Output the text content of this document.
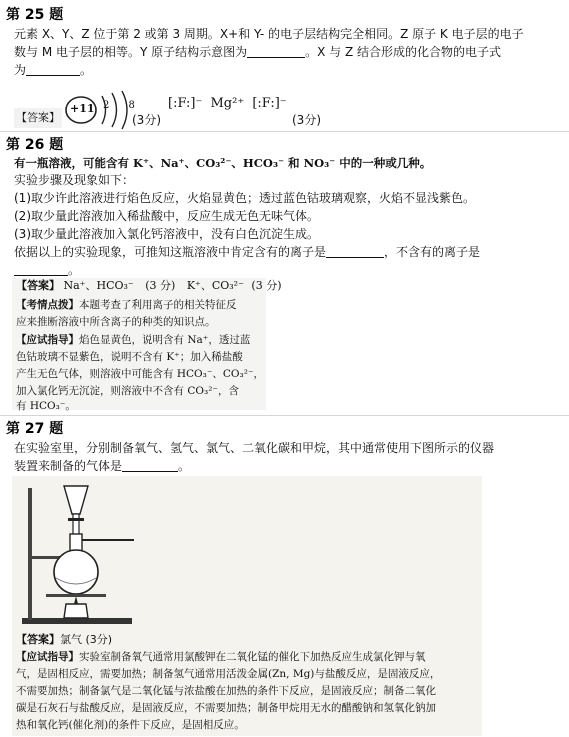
第 25 题
元素 X、Y、Z 位于第 2 或第 3 周期。X+和 Y- 的电子层结构完全相同。Z 原子 K 电子层的电子
数与 M 电子层的相等。Y 原子结构示意图为	。X 与 Z 结合形成的化合物的电子式
为	。
【答案】
+11 2 8
(3分)
[:F:]⁻ Mg²⁺ [:F:]⁻
(3分)
第 26 题
有一瓶溶液，可能含有 K⁺、Na⁺、CO₃²⁻、HCO₃⁻ 和 NO₃⁻ 中的一种或几种。
实验步骤及现象如下：
(1)取少许此溶液进行焰色反应，火焰显黄色；透过蓝色钴玻璃观察，火焰不显浅紫色。
(2)取少量此溶液加入稀盐酸中，反应生成无色无味气体。
(3)取少量此溶液加入氯化钙溶液中，没有白色沉淀生成。
依据以上的实验现象，可推知这瓶溶液中肯定含有的离子是	，不含有的离子是
。
【答案】 Na⁺、HCO₃⁻ (3 分) K⁺、CO₃²⁻ (3 分)
【考情点拨】本题考查了利用离子的相关特征反
应来推断溶液中所含离子的种类的知识点。
【应试指导】焰色显黄色，说明含有 Na⁺，透过蓝
色钴玻璃不显紫色，说明不含有 K⁺；加入稀盐酸
产生无色气体，则溶液中可能含有 HCO₃⁻、CO₃²⁻，
加入氯化钙无沉淀，则溶液中不含有 CO₃²⁻，含
有 HCO₃⁻。
第 27 题
在实验室里，分别制备氧气、氢气、氯气、二氧化碳和甲烷，其中通常使用下图所示的仪器
装置来制备的气体是	。
【答案】氯气 (3分)
【应试指导】实验室制备氧气通常用氯酸钾在二氧化锰的催化下加热反应生成氯化钾与氧
气，是固相反应，需要加热；制备氢气通常用活泼金属(Zn, Mg)与盐酸反应，是固液反应，
不需要加热；制备氯气是二氧化锰与浓盐酸在加热的条件下反应，是固液反应；制备二氧化
碳是石灰石与盐酸反应，是固液反应，不需要加热；制备甲烷用无水的醋酸钠和氢氧化钠加
热和氧化钙(催化剂)的条件下反应，是固相反应。
